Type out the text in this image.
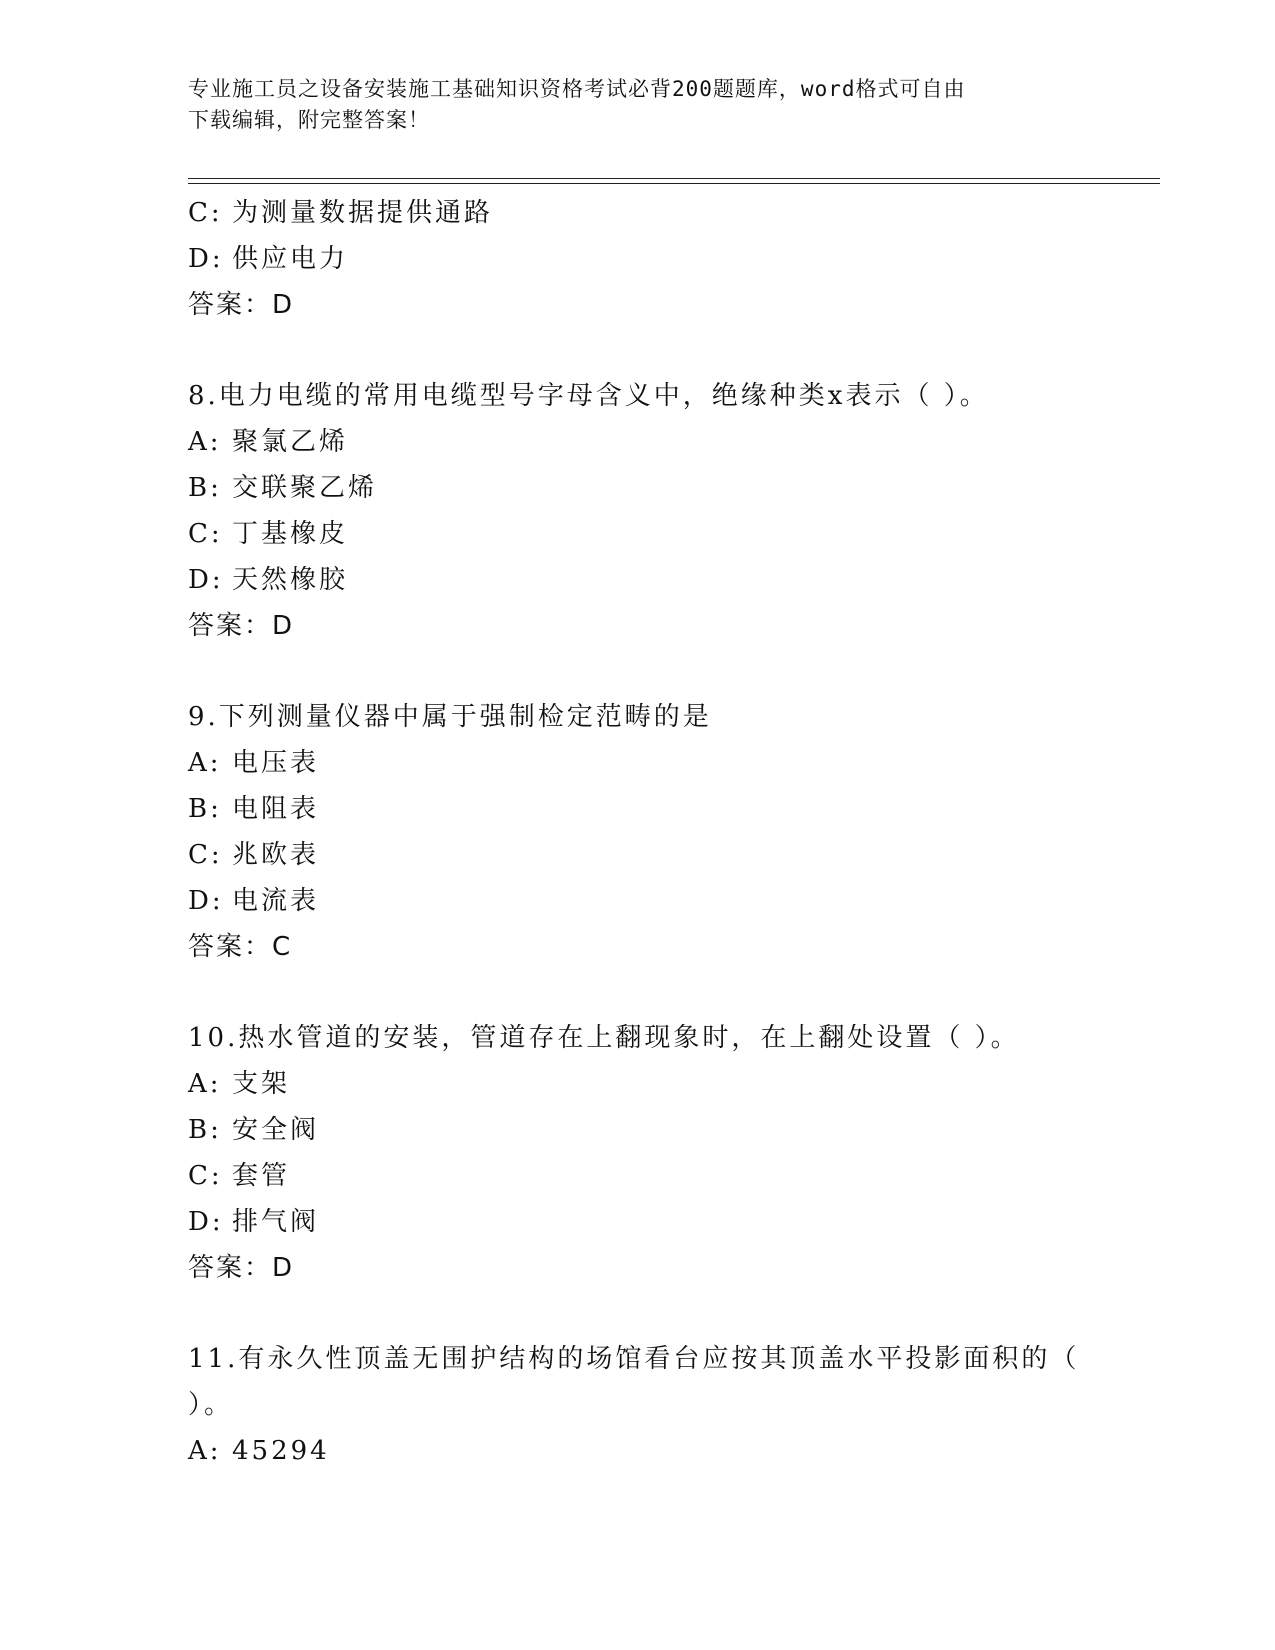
专业施工员之设备安装施工基础知识资格考试必背200题题库，word格式可自由
下载编辑，附完整答案！
C: 为测量数据提供通路
D: 供应电力
答案：D
8.电力电缆的常用电缆型号字母含义中，绝缘种类x表示（ ）。
A: 聚氯乙烯
B: 交联聚乙烯
C: 丁基橡皮
D: 天然橡胶
答案：D
9.下列测量仪器中属于强制检定范畴的是
A: 电压表
B: 电阻表
C: 兆欧表
D: 电流表
答案：C
10.热水管道的安装，管道存在上翻现象时，在上翻处设置（ ）。
A: 支架
B: 安全阀
C: 套管
D: 排气阀
答案：D
11.有永久性顶盖无围护结构的场馆看台应按其顶盖水平投影面积的（
）。
A: 45294
